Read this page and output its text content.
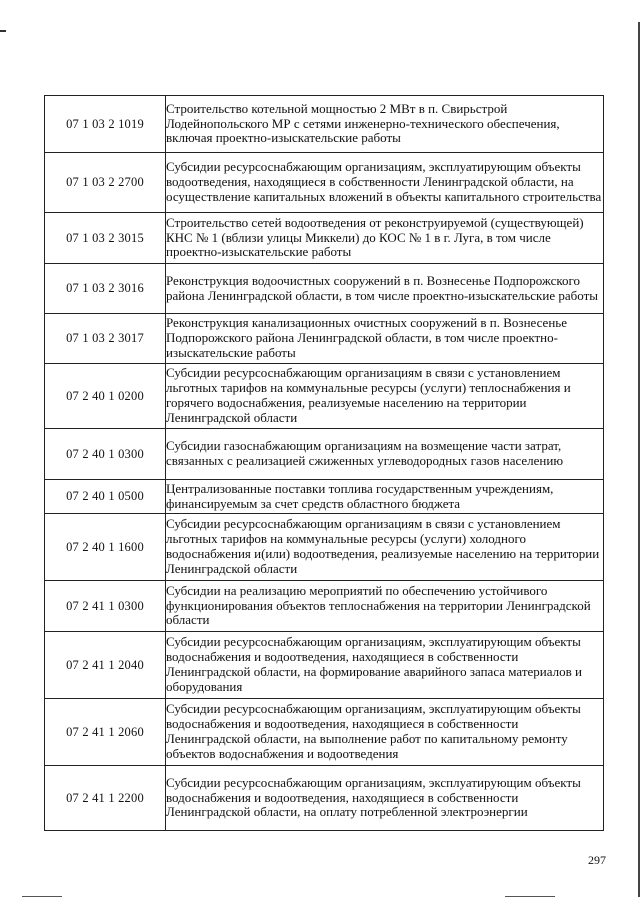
07 1 03 2 1019	Строительство котельной мощностью 2 МВт в п. Свирьстрой Лодейнопольского МР с сетями инженерно-технического обеспечения, включая проектно-изыскательские работы
07 1 03 2 2700	Субсидии ресурсоснабжающим организациям, эксплуатирующим объекты водоотведения, находящиеся в собственности Ленинградской области, на осуществление капитальных вложений в объекты капитального строительства
07 1 03 2 3015	Строительство сетей водоотведения от реконструируемой (существующей) КНС № 1 (вблизи улицы Миккели) до КОС № 1 в г. Луга, в том числе проектно-изыскательские работы
07 1 03 2 3016	Реконструкция водоочистных сооружений в п. Вознесенье Подпорожского района Ленинградской области, в том числе проектно-изыскательские работы
07 1 03 2 3017	Реконструкция канализационных очистных сооружений в п. Вознесенье Подпорожского района Ленинградской области, в том числе проектно-изыскательские работы
07 2 40 1 0200	Субсидии ресурсоснабжающим организациям в связи с установлением льготных тарифов на коммунальные ресурсы (услуги) теплоснабжения и горячего водоснабжения, реализуемые населению на территории Ленинградской области
07 2 40 1 0300	Субсидии газоснабжающим организациям на возмещение части затрат, связанных с реализацией сжиженных углеводородных газов населению
07 2 40 1 0500	Централизованные поставки топлива государственным учреждениям, финансируемым за счет средств областного бюджета
07 2 40 1 1600	Субсидии ресурсоснабжающим организациям в связи с установлением льготных тарифов на коммунальные ресурсы (услуги) холодного водоснабжения и(или) водоотведения, реализуемые населению на территории Ленинградской области
07 2 41 1 0300	Субсидии на реализацию мероприятий по обеспечению устойчивого функционирования объектов теплоснабжения на территории Ленинградской области
07 2 41 1 2040	Субсидии ресурсоснабжающим организациям, эксплуатирующим объекты водоснабжения и водоотведения, находящиеся в собственности Ленинградской области, на формирование аварийного запаса материалов и оборудования
07 2 41 1 2060	Субсидии ресурсоснабжающим организациям, эксплуатирующим объекты водоснабжения и водоотведения, находящиеся в собственности Ленинградской области, на выполнение работ по капитальному ремонту объектов водоснабжения и водоотведения
07 2 41 1 2200	Субсидии ресурсоснабжающим организациям, эксплуатирующим объекты водоснабжения и водоотведения, находящиеся в собственности Ленинградской области, на оплату потребленной электроэнергии
297
